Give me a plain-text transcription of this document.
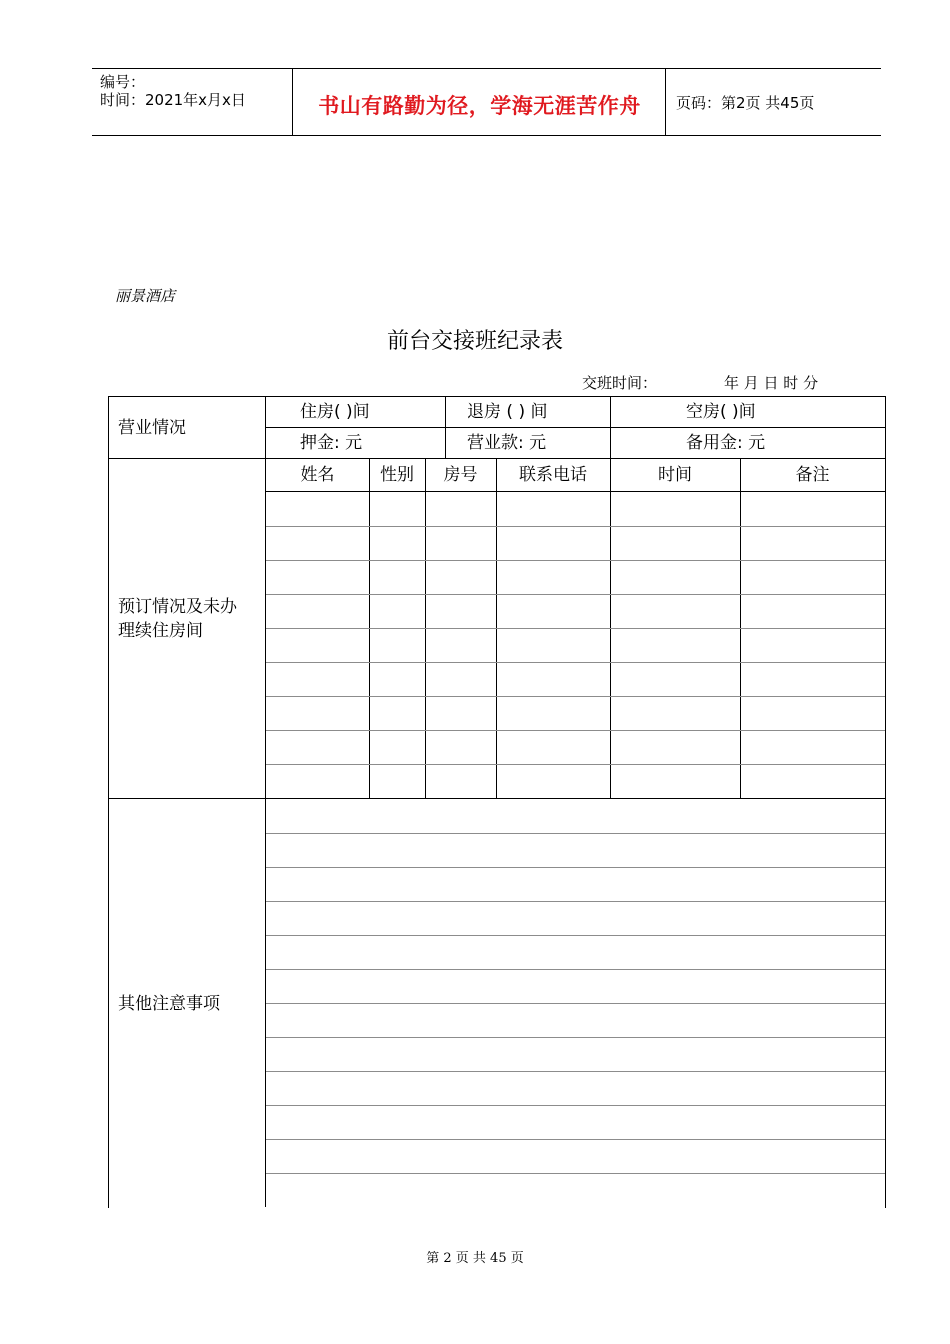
编号：
时间：2021年x月x日	书山有路勤为径，学海无涯苦作舟	页码：第2页 共45页
丽景酒店
前台交接班纪录表
交班时间：	年 月 日 时 分
营业情况
住房( )间	退房 ( ) 间	空房( )间
押金: 元	营业款: 元	备用金: 元
姓名	性别	房号	联系电话	时间	备注
预订情况及未办
理续住房间
其他注意事项
第 2 页 共 45 页
